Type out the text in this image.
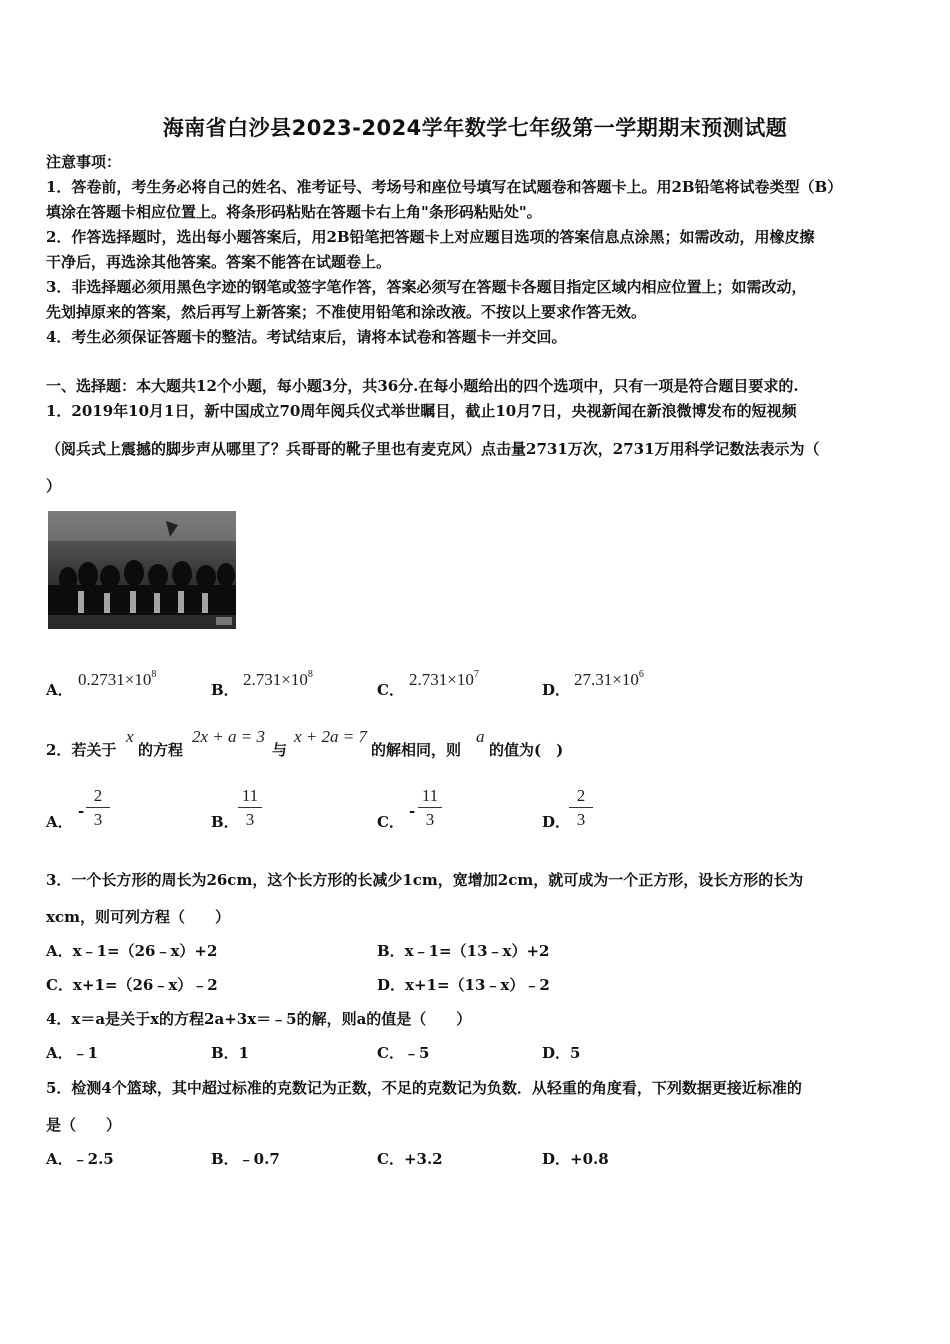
海南省白沙县2023-2024学年数学七年级第一学期期末预测试题
注意事项：
1．答卷前，考生务必将自己的姓名、准考证号、考场号和座位号填写在试题卷和答题卡上。用2B铅笔将试卷类型（B）
填涂在答题卡相应位置上。将条形码粘贴在答题卡右上角"条形码粘贴处"。
2．作答选择题时，选出每小题答案后，用2B铅笔把答题卡上对应题目选项的答案信息点涂黑；如需改动，用橡皮擦
干净后，再选涂其他答案。答案不能答在试题卷上。
3．非选择题必须用黑色字迹的钢笔或签字笔作答，答案必须写在答题卡各题目指定区域内相应位置上；如需改动，
先划掉原来的答案，然后再写上新答案；不准使用铅笔和涂改液。不按以上要求作答无效。
4．考生必须保证答题卡的整洁。考试结束后，请将本试卷和答题卡一并交回。
一、选择题：本大题共12个小题，每小题3分，共36分.在每小题给出的四个选项中，只有一项是符合题目要求的.
1．2019年10月1日，新中国成立70周年阅兵仪式举世瞩目，截止10月7日，央视新闻在新浪微博发布的短视频
（阅兵式上震撼的脚步声从哪里了？兵哥哥的靴子里也有麦克风）点击量2731万次，2731万用科学记数法表示为（
）
A．
$0.2731\times 10^8$
B．
$2.731\times 10^8$
C．
$2.731\times 10^7$
D．
$27.31\times 10^6$
2．若关于
x
的方程
2x + a = 3
与
x + 2a = 7
的解相同，则
a
的值为(　)
A．
-
2
3	B．
11
3	C．
-
11
3	D．
2
3
3．一个长方形的周长为26cm，这个长方形的长减少1cm，宽增加2cm，就可成为一个正方形，设长方形的长为
xcm，则可列方程（　　）
A．x﹣1=（26﹣x）+2	B．x﹣1=（13﹣x）+2
C．x+1=（26﹣x）﹣2	D．x+1=（13﹣x）﹣2
4．x＝a是关于x的方程2a+3x＝﹣5的解，则a的值是（　　）
A．﹣1	B．1	C．﹣5	D．5
5．检测4个篮球，其中超过标准的克数记为正数，不足的克数记为负数．从轻重的角度看，下列数据更接近标准的
是（　　）
A．﹣2.5	B．﹣0.7	C．+3.2	D．+0.8
